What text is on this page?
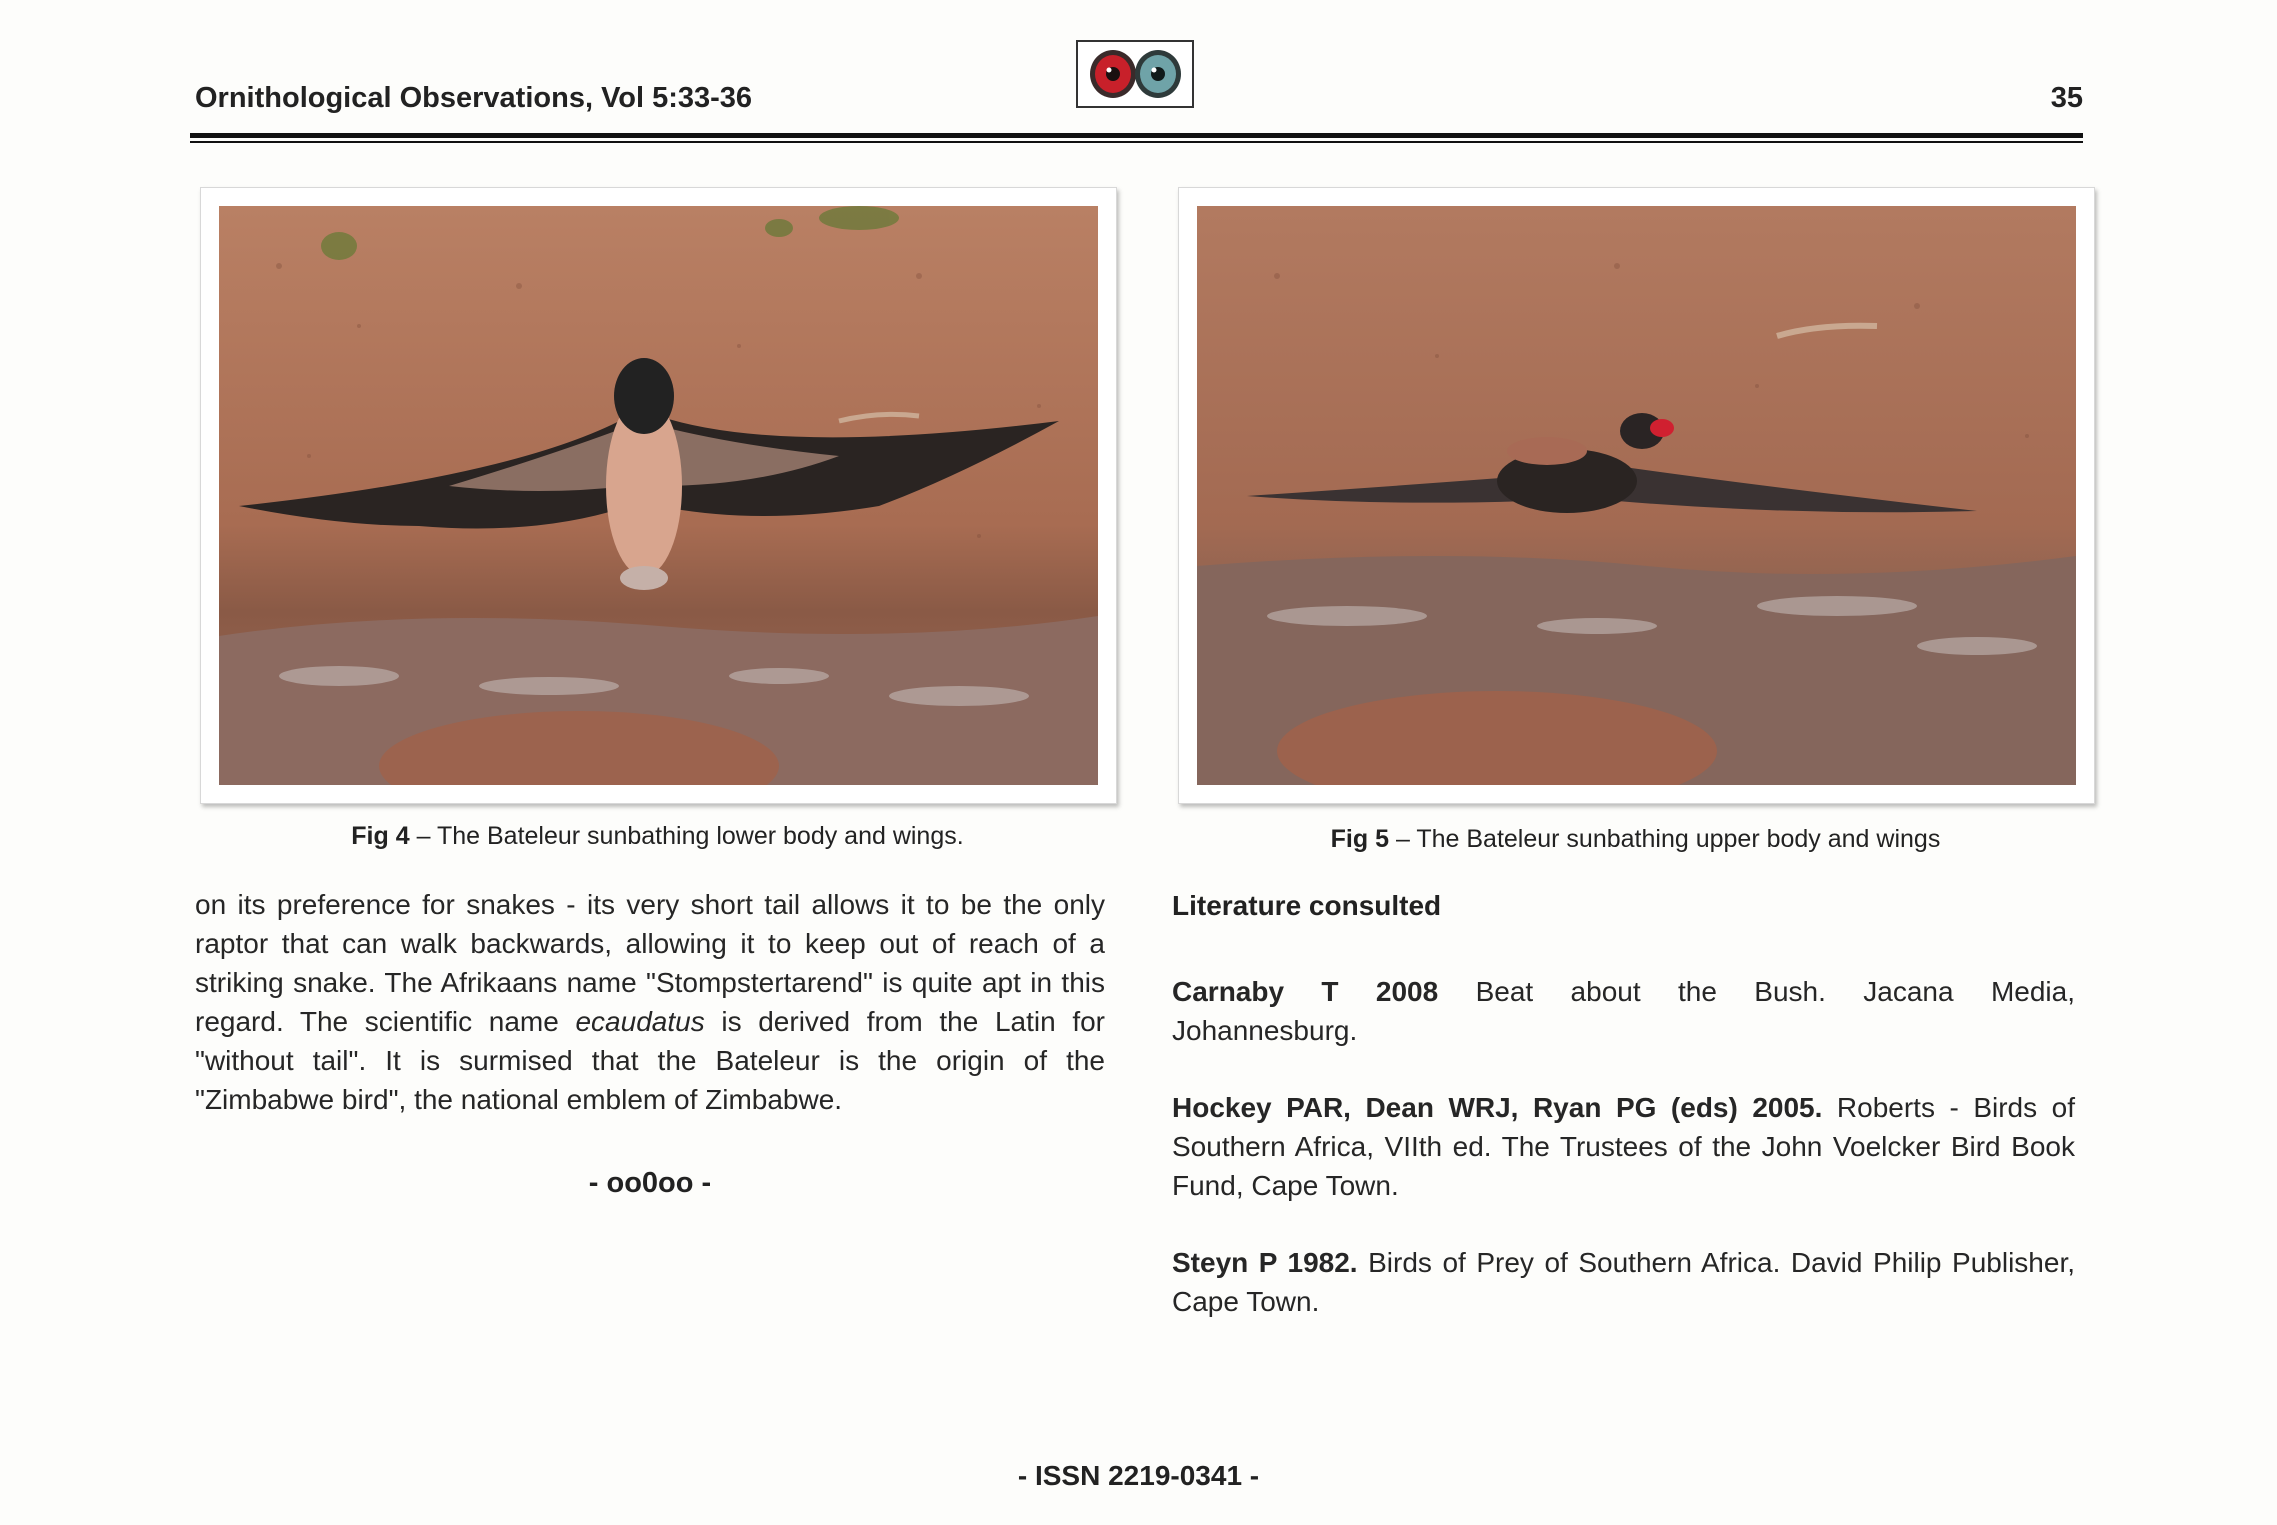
Ornithological Observations, Vol 5:33-36	35
Fig 4 – The Bateleur sunbathing lower body and wings.	Fig 5 – The Bateleur sunbathing upper body and wings

on its preference for snakes - its very short tail allows it to be the only raptor that can walk backwards, allowing it to keep out of reach of a striking snake. The Afrikaans name "Stompstertarend" is quite apt in this regard. The scientific name ecaudatus is derived from the Latin for "without tail". It is surmised that the Bateleur is the origin of the "Zimbabwe bird", the national emblem of Zimbabwe.

- oo0oo -
Literature consulted
Carnaby T 2008 Beat about the Bush. Jacana Media,
Johannesburg.
Hockey PAR, Dean WRJ, Ryan PG (eds) 2005. Roberts - Birds of Southern Africa, VIIth ed. The Trustees of the John Voelcker Bird Book Fund, Cape Town.
Steyn P 1982. Birds of Prey of Southern Africa. David Philip Publisher, Cape Town.
- ISSN 2219-0341 -
